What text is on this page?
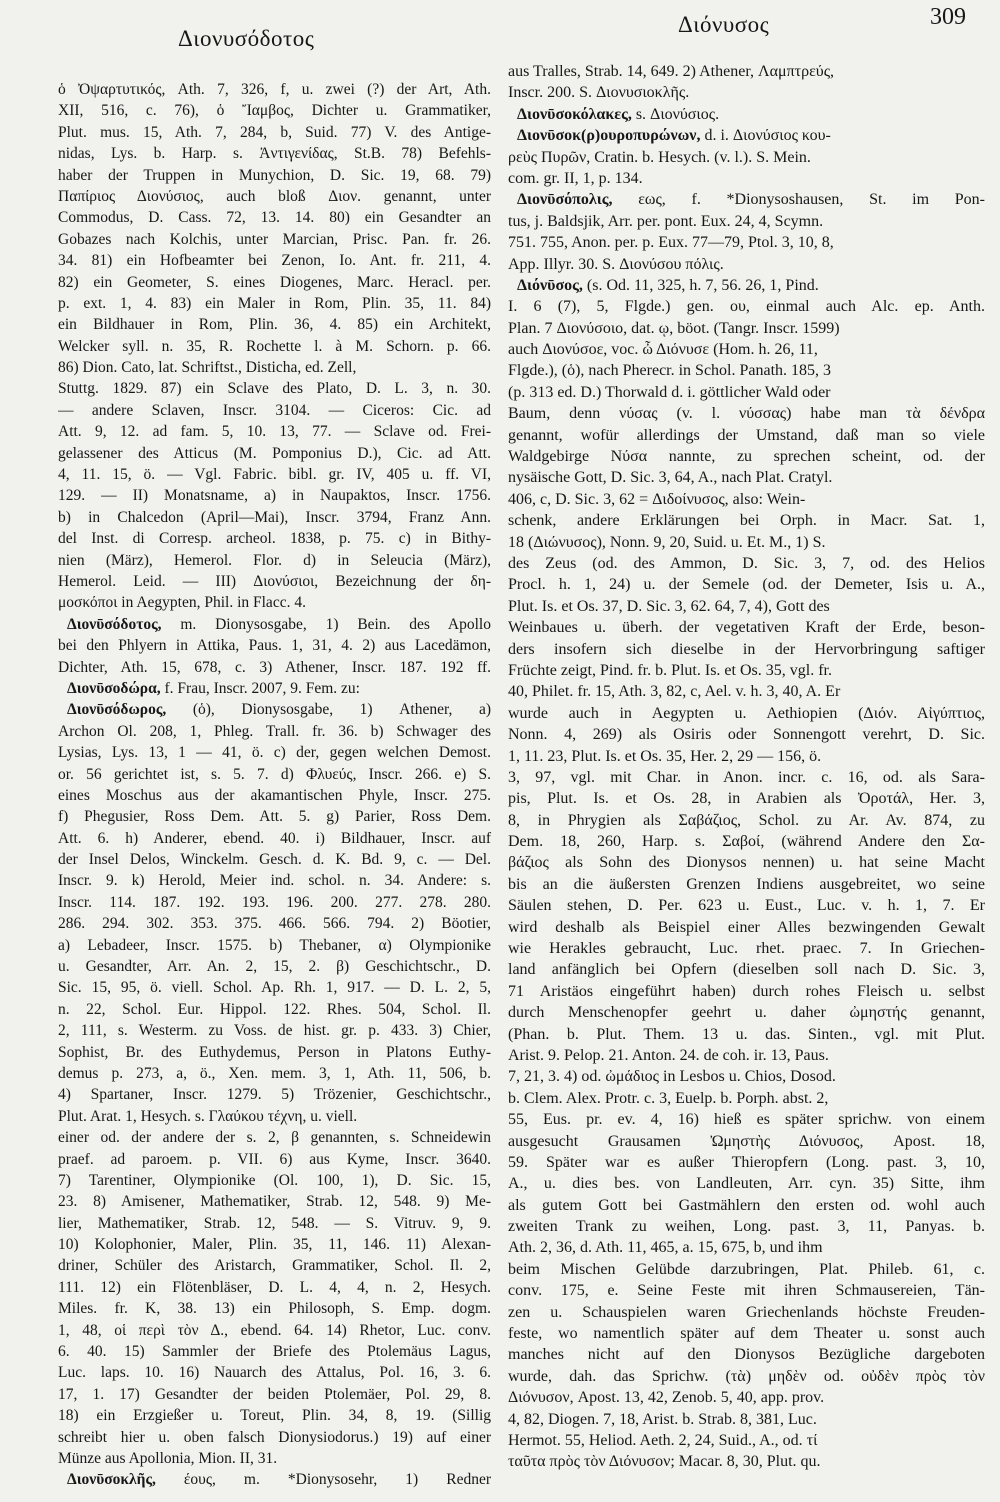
Διονυσόδοτος
Διόνυσος	309
ὁ Ὀψαρτυτικός, Ath. 7, 326, f, u. zwei (?) der Art, Ath.
XII, 516, c. 76), ὁ Ἴαμβος, Dichter u. Grammatiker,
Plut. mus. 15, Ath. 7, 284, b, Suid. 77) V. des Antige-
nidas, Lys. b. Harp. s. Ἀντιγενίδας, St.B. 78) Befehls-
haber der Truppen in Munychion, D. Sic. 19, 68. 79)
Παπίριος Διονύσιος, auch bloß Διον. genannt, unter
Commodus, D. Cass. 72, 13. 14. 80) ein Gesandter an
Gobazes nach Kolchis, unter Marcian, Prisc. Pan. fr. 26.
34. 81) ein Hofbeamter bei Zenon, Io. Ant. fr. 211, 4.
82) ein Geometer, S. eines Diogenes, Marc. Heracl. per.
p. ext. 1, 4. 83) ein Maler in Rom, Plin. 35, 11. 84)
ein Bildhauer in Rom, Plin. 36, 4. 85) ein Architekt,
Welcker syll. n. 35, R. Rochette l. à M. Schorn. p. 66.
86) Dion. Cato, lat. Schriftst., Disticha, ed. Zell,
Stuttg. 1829. 87) ein Sclave des Plato, D. L. 3, n. 30.
— andere Sclaven, Inscr. 3104. — Ciceros: Cic. ad
Att. 9, 12. ad fam. 5, 10. 13, 77. — Sclave od. Frei-
gelassener des Atticus (M. Pomponius D.), Cic. ad Att.
4, 11. 15, ö. — Vgl. Fabric. bibl. gr. IV, 405 u. ff. VI,
129. — II) Monatsname, a) in Naupaktos, Inscr. 1756.
b) in Chalcedon (April—Mai), Inscr. 3794, Franz Ann.
del Inst. di Corresp. archeol. 1838, p. 75. c) in Bithy-
nien (März), Hemerol. Flor. d) in Seleucia (März),
Hemerol. Leid. — III) Διονύσιοι, Bezeichnung der δη-
μοσκόποι in Aegypten, Phil. in Flacc. 4.
Διονῡσόδοτος, m. Dionysosgabe, 1) Bein. des Apollo
bei den Phlyern in Attika, Paus. 1, 31, 4. 2) aus Lacedämon,
Dichter, Ath. 15, 678, c. 3) Athener, Inscr. 187. 192 ff.
Διονῡσοδώρα, f. Frau, Inscr. 2007, 9. Fem. zu:
Διονῡσόδωρος, (ὁ), Dionysosgabe, 1) Athener, a)
Archon Ol. 208, 1, Phleg. Trall. fr. 36. b) Schwager des
Lysias, Lys. 13, 1 — 41, ö. c) der, gegen welchen Demost.
or. 56 gerichtet ist, s. 5. 7. d) Φλυεύς, Inscr. 266. e) S.
eines Moschus aus der akamantischen Phyle, Inscr. 275.
f) Phegusier, Ross Dem. Att. 5. g) Parier, Ross Dem.
Att. 6. h) Anderer, ebend. 40. i) Bildhauer, Inscr. auf
der Insel Delos, Winckelm. Gesch. d. K. Bd. 9, c. — Del.
Inscr. 9. k) Herold, Meier ind. schol. n. 34. Andere: s.
Inscr. 114. 187. 192. 193. 196. 200. 277. 278. 280.
286. 294. 302. 353. 375. 466. 566. 794. 2) Böotier,
a) Lebadeer, Inscr. 1575. b) Thebaner, α) Olympionike
u. Gesandter, Arr. An. 2, 15, 2. β) Geschichtschr., D.
Sic. 15, 95, ö. viell. Schol. Ap. Rh. 1, 917. — D. L. 2, 5,
n. 22, Schol. Eur. Hippol. 122. Rhes. 504, Schol. Il.
2, 111, s. Westerm. zu Voss. de hist. gr. p. 433. 3) Chier,
Sophist, Br. des Euthydemus, Person in Platons Euthy-
demus p. 273, a, ö., Xen. mem. 3, 1, Ath. 11, 506, b.
4) Spartaner, Inscr. 1279. 5) Trözenier, Geschichtschr.,
Plut. Arat. 1, Hesych. s. Γλαύκου τέχνη, u. viell.
einer od. der andere der s. 2, β genannten, s. Schneidewin
praef. ad paroem. p. VII. 6) aus Kyme, Inscr. 3640.
7) Tarentiner, Olympionike (Ol. 100, 1), D. Sic. 15,
23. 8) Amisener, Mathematiker, Strab. 12, 548. 9) Me-
lier, Mathematiker, Strab. 12, 548. — S. Vitruv. 9, 9.
10) Kolophonier, Maler, Plin. 35, 11, 146. 11) Alexan-
driner, Schüler des Aristarch, Grammatiker, Schol. Il. 2,
111. 12) ein Flötenbläser, D. L. 4, 4, n. 2, Hesych.
Miles. fr. K, 38. 13) ein Philosoph, S. Emp. dogm.
1, 48, οἱ περὶ τὸν Δ., ebend. 64. 14) Rhetor, Luc. conv.
6. 40. 15) Sammler der Briefe des Ptolemäus Lagus,
Luc. laps. 10. 16) Nauarch des Attalus, Pol. 16, 3. 6.
17, 1. 17) Gesandter der beiden Ptolemäer, Pol. 29, 8.
18) ein Erzgießer u. Toreut, Plin. 34, 8, 19. (Sillig
schreibt hier u. oben falsch Dionysiodorus.) 19) auf einer
Münze aus Apollonia, Mion. II, 31.
Διονῡσοκλῆς, έους, m. *Dionysosehr, 1) Redner
aus Tralles, Strab. 14, 649. 2) Athener, Λαμπτρεύς,
Inscr. 200. S. Διονυσιοκλῆς.
Διονῡσοκόλακες, s. Διονύσιος.
Διονῡσοκ(ρ)ουροπυρώνων, d. i. Διονύσιος κου-
ρεὺς Πυρῶν, Cratin. b. Hesych. (v. l.). S. Mein.
com. gr. II, 1, p. 134.
Διονῡσόπολις, εως, f. *Dionysoshausen, St. im Pon-
tus, j. Baldsjik, Arr. per. pont. Eux. 24, 4, Scymn.
751. 755, Anon. per. p. Eux. 77—79, Ptol. 3, 10, 8,
App. Illyr. 30. S. Διονύσου πόλις.
Διόνῡσος, (s. Od. 11, 325, h. 7, 56. 26, 1, Pind.
I. 6 (7), 5, Flgde.) gen. ου, einmal auch Alc. ep. Anth.
Plan. 7 Διονύσοιο, dat. ῳ, böot. (Tangr. Inscr. 1599)
auch Διονύσοε, voc. ὦ Διόνυσε (Hom. h. 26, 11,
Flgde.), (ὁ), nach Pherecr. in Schol. Panath. 185, 3
(p. 313 ed. D.) Thorwald d. i. göttlicher Wald oder
Baum, denn νύσας (v. l. νύσσας) habe man τὰ δένδρα
genannt, wofür allerdings der Umstand, daß man so viele
Waldgebirge Νύσα nannte, zu sprechen scheint, od. der
nysäische Gott, D. Sic. 3, 64, A., nach Plat. Cratyl.
406, c, D. Sic. 3, 62 = Διδοίνυσος, also: Wein-
schenk, andere Erklärungen bei Orph. in Macr. Sat. 1,
18 (Διώνυσος), Nonn. 9, 20, Suid. u. Et. M., 1) S.
des Zeus (od. des Ammon, D. Sic. 3, 7, od. des Helios
Procl. h. 1, 24) u. der Semele (od. der Demeter, Isis u. A.,
Plut. Is. et Os. 37, D. Sic. 3, 62. 64, 7, 4), Gott des
Weinbaues u. überh. der vegetativen Kraft der Erde, beson-
ders insofern sich dieselbe in der Hervorbringung saftiger
Früchte zeigt, Pind. fr. b. Plut. Is. et Os. 35, vgl. fr.
40, Philet. fr. 15, Ath. 3, 82, c, Ael. v. h. 3, 40, A. Er
wurde auch in Aegypten u. Aethiopien (Διόν. Αἰγύπτιος,
Nonn. 4, 269) als Osiris oder Sonnengott verehrt, D. Sic.
1, 11. 23, Plut. Is. et Os. 35, Her. 2, 29 — 156, ö.
3, 97, vgl. mit Char. in Anon. incr. c. 16, od. als Sara-
pis, Plut. Is. et Os. 28, in Arabien als Ὀροτάλ, Her. 3,
8, in Phrygien als Σαβάζιος, Schol. zu Ar. Av. 874, zu
Dem. 18, 260, Harp. s. Σαβοί, (während Andere den Σα-
βάζιος als Sohn des Dionysos nennen) u. hat seine Macht
bis an die äußersten Grenzen Indiens ausgebreitet, wo seine
Säulen stehen, D. Per. 623 u. Eust., Luc. v. h. 1, 7. Er
wird deshalb als Beispiel einer Alles bezwingenden Gewalt
wie Herakles gebraucht, Luc. rhet. praec. 7. In Griechen-
land anfänglich bei Opfern (dieselben soll nach D. Sic. 3,
71 Aristäos eingeführt haben) durch rohes Fleisch u. selbst
durch Menschenopfer geehrt u. daher ὠμηστής genannt,
(Phan. b. Plut. Them. 13 u. das. Sinten., vgl. mit Plut.
Arist. 9. Pelop. 21. Anton. 24. de coh. ir. 13, Paus.
7, 21, 3. 4) od. ὠμάδιος in Lesbos u. Chios, Dosod.
b. Clem. Alex. Protr. c. 3, Euelp. b. Porph. abst. 2,
55, Eus. pr. ev. 4, 16) hieß es später sprichw. von einem
ausgesucht Grausamen Ὠμηστὴς Διόνυσος, Apost. 18,
59. Später war es außer Thieropfern (Long. past. 3, 10,
A., u. dies bes. von Landleuten, Arr. cyn. 35) Sitte, ihm
als gutem Gott bei Gastmählern den ersten od. wohl auch
zweiten Trank zu weihen, Long. past. 3, 11, Panyas. b.
Ath. 2, 36, d. Ath. 11, 465, a. 15, 675, b, und ihm
beim Mischen Gelübde darzubringen, Plat. Phileb. 61, c.
conv. 175, e. Seine Feste mit ihren Schmausereien, Tän-
zen u. Schauspielen waren Griechenlands höchste Freuden-
feste, wo namentlich später auf dem Theater u. sonst auch
manches nicht auf den Dionysos Bezügliche dargeboten
wurde, dah. das Sprichw. (τὰ) μηδὲν od. οὐδὲν πρὸς τὸν
Διόνυσον, Apost. 13, 42, Zenob. 5, 40, app. prov.
4, 82, Diogen. 7, 18, Arist. b. Strab. 8, 381, Luc.
Hermot. 55, Heliod. Aeth. 2, 24, Suid., A., od. τί
ταῦτα πρὸς τὸν Διόνυσον; Macar. 8, 30, Plut. qu.
